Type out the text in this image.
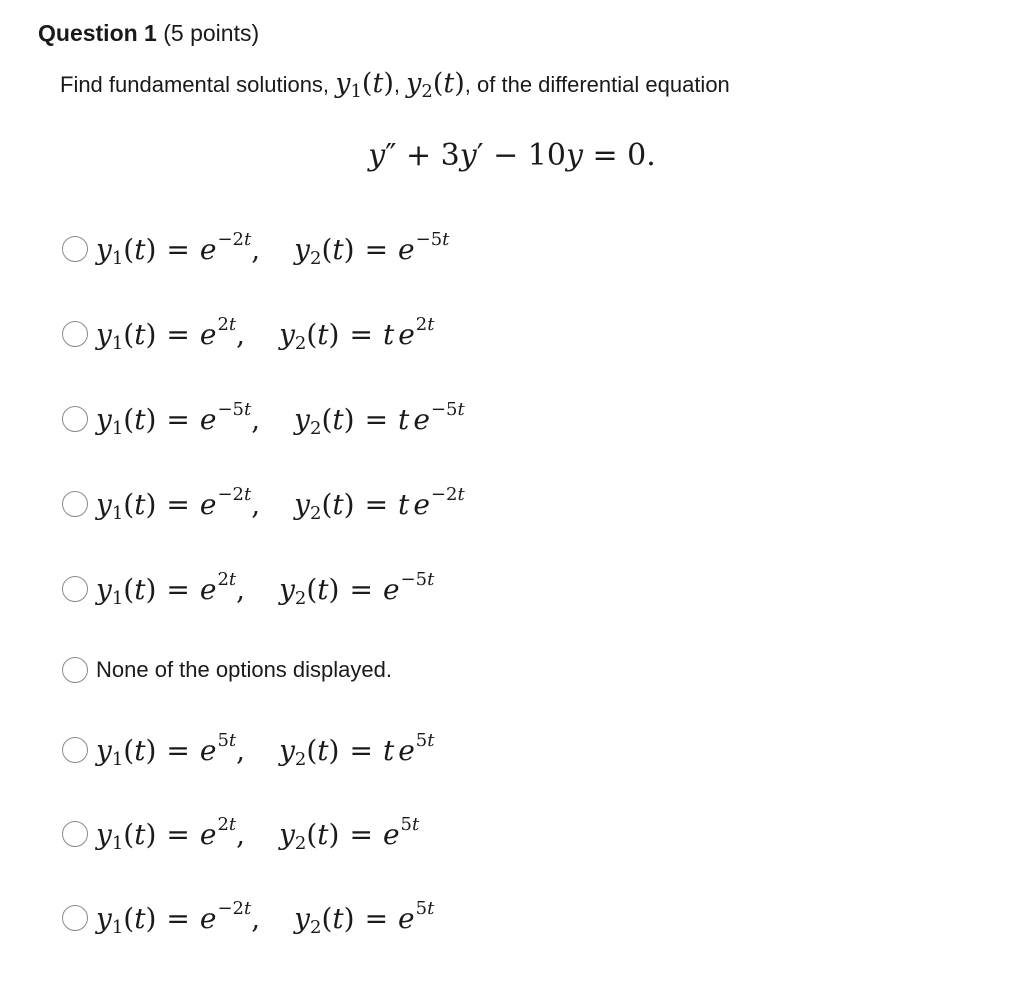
Question 1 (5 points)
Find fundamental solutions, $y_1(t)$, $y_2(t)$, of the differential equation
y″ + 3y′ − 10y = 0.
y 1 ( t ) = e −2t , y 2 ( t ) = e −5t
y 1 ( t ) = e 2t , y 2 ( t ) = t e 2t
y 1 ( t ) = e −5t , y 2 ( t ) = t e −5t
y 1 ( t ) = e −2t , y 2 ( t ) = t e −2t
y 1 ( t ) = e 2t , y 2 ( t ) = e −5t
None of the options displayed.
y 1 ( t ) = e 5t , y 2 ( t ) = t e 5t
y 1 ( t ) = e 2t , y 2 ( t ) = e 5t
y 1 ( t ) = e −2t , y 2 ( t ) = e 5t
